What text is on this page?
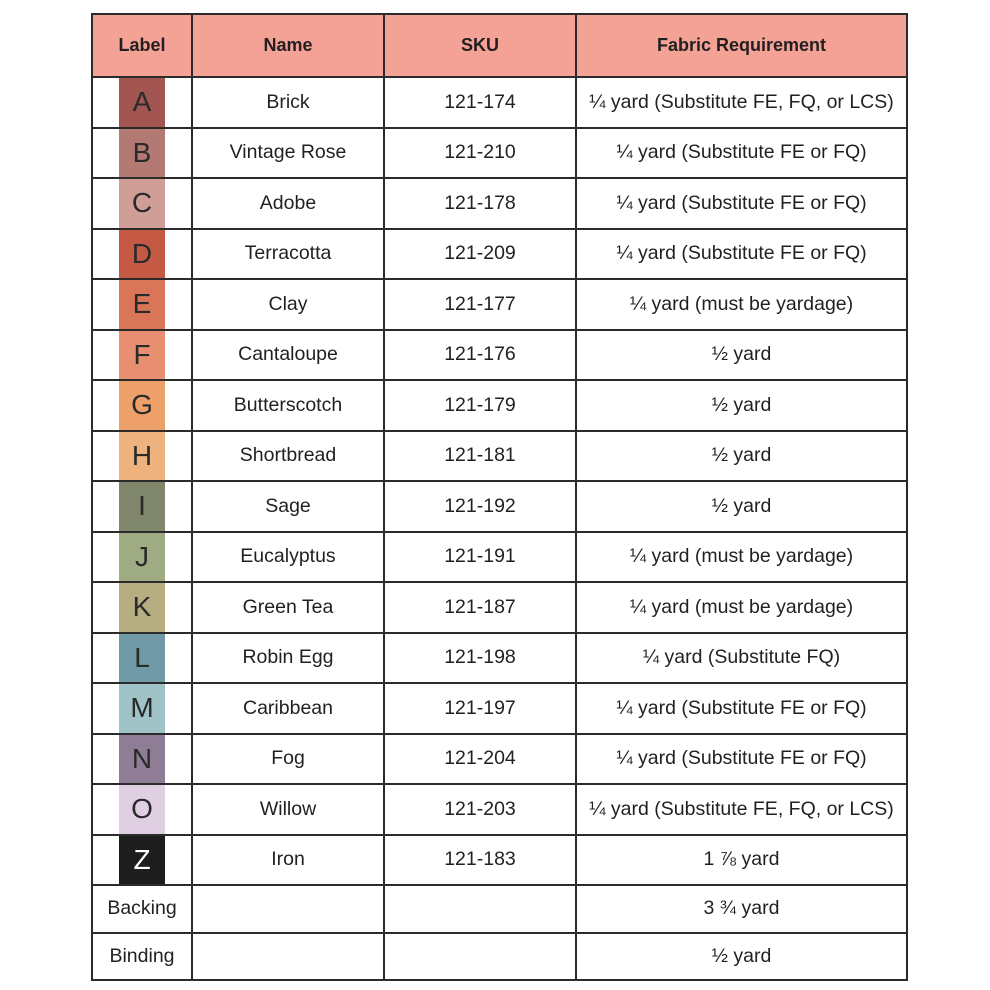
Label	Name	SKU	Fabric Requirement

A	Brick	121-174	¼ yard (Substitute FE, FQ, or LCS)

B	Vintage Rose	121-210	¼ yard (Substitute FE or FQ)

C	Adobe	121-178	¼ yard (Substitute FE or FQ)

D	Terracotta	121-209	¼ yard (Substitute FE or FQ)

E	Clay	121-177	¼ yard (must be yardage)

F	Cantaloupe	121-176	½ yard

G	Butterscotch	121-179	½ yard

H	Shortbread	121-181	½ yard

I	Sage	121-192	½ yard

J	Eucalyptus	121-191	¼ yard (must be yardage)

K	Green Tea	121-187	¼ yard (must be yardage)

L	Robin Egg	121-198	¼ yard (Substitute FQ)

M	Caribbean	121-197	¼ yard (Substitute FE or FQ)

N	Fog	121-204	¼ yard (Substitute FE or FQ)

O	Willow	121-203	¼ yard (Substitute FE, FQ, or LCS)

Z	Iron	121-183	1 ⅞ yard
Backing			3 ¾ yard
Binding			½ yard
